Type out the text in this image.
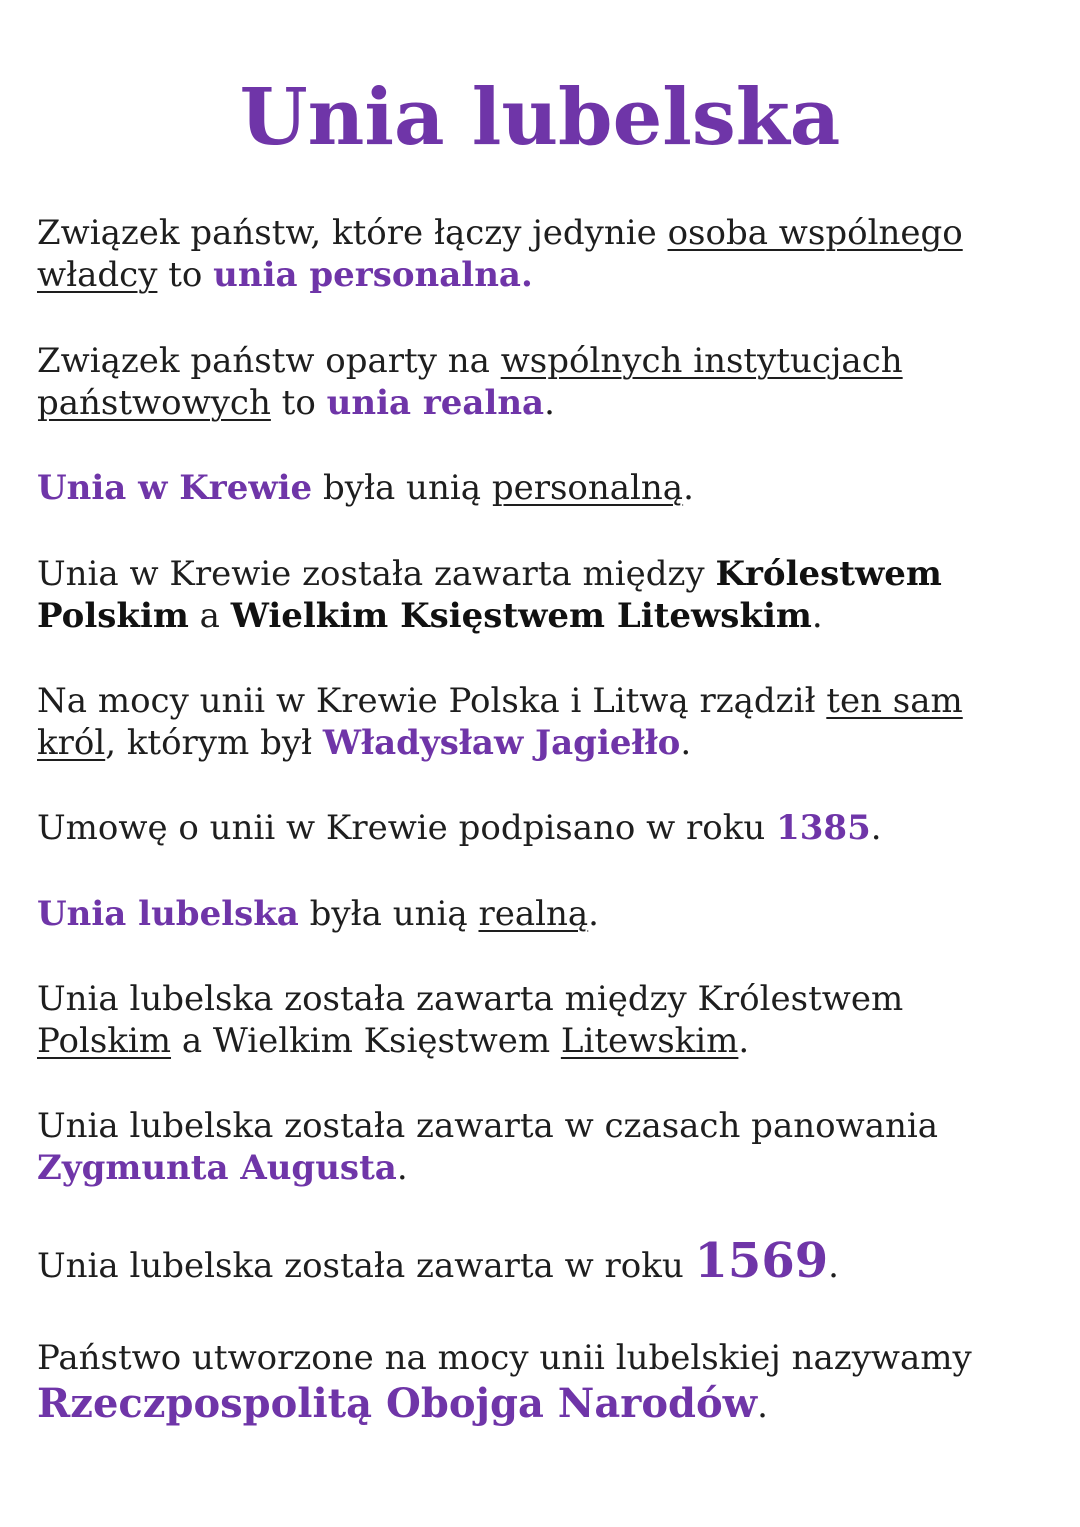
Unia lubelska

Związek państw, które łączy jedynie osoba wspólnego
władcy to unia personalna.

Związek państw oparty na wspólnych instytucjach
państwowych to unia realna.

Unia w Krewie była unią personalną.

Unia w Krewie została zawarta między Królestwem
Polskim a Wielkim Księstwem Litewskim.

Na mocy unii w Krewie Polska i Litwą rządził ten sam
król, którym był Władysław Jagiełło.

Umowę o unii w Krewie podpisano w roku 1385.

Unia lubelska była unią realną.

Unia lubelska została zawarta między Królestwem
Polskim a Wielkim Księstwem Litewskim.

Unia lubelska została zawarta w czasach panowania
Zygmunta Augusta.

Unia lubelska została zawarta w roku 1569.

Państwo utworzone na mocy unii lubelskiej nazywamy
Rzeczpospolitą Obojga Narodów.
